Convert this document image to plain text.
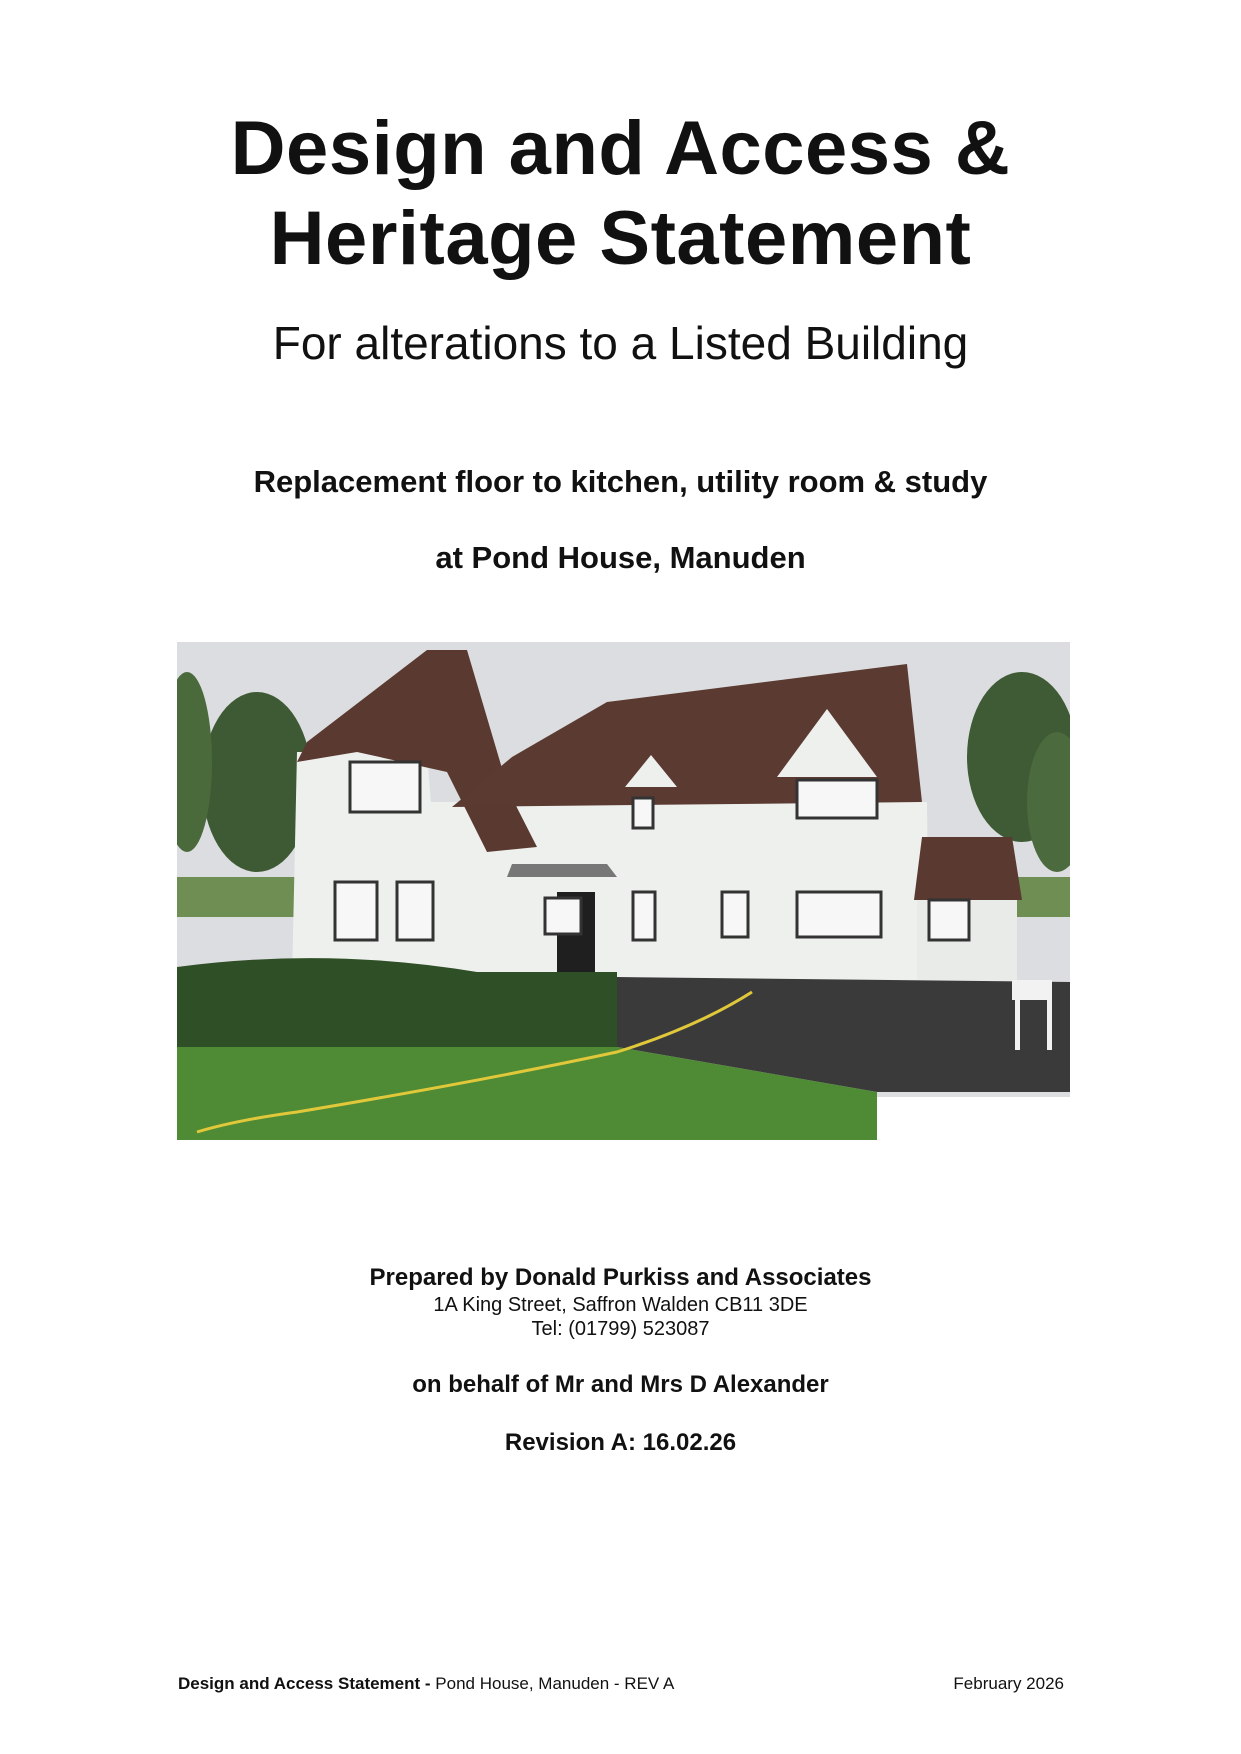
Design and Access &
Heritage Statement

For alterations to a Listed Building

Replacement floor to kitchen, utility room & study

at Pond House, Manuden

Prepared by Donald Purkiss and Associates
1A King Street, Saffron Walden CB11 3DE
Tel: (01799) 523087
on behalf of Mr and Mrs D Alexander
Revision A: 16.02.26
Design and Access Statement - Pond House, Manuden - REV A	February 2026
